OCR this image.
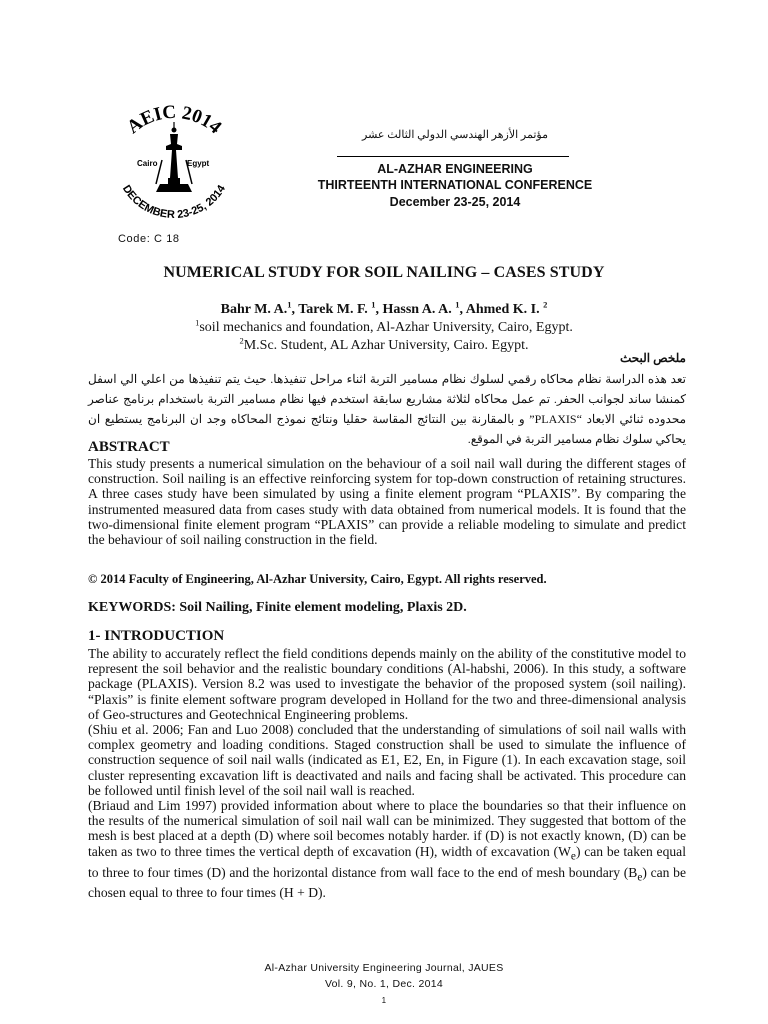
AEIC 2014
DECEMBER 23-25, 2014
Cairo	Egypt
مؤتمر الأزهر الهندسي الدولي الثالث عشر
AL-AZHAR ENGINEERING
THIRTEENTH INTERNATIONAL CONFERENCE
December 23-25, 2014
Code: C 18
NUMERICAL STUDY FOR SOIL NAILING – CASES STUDY
Bahr M. A.$^1$, Tarek M. F. $^1$, Hassn A. A. $^1$, Ahmed K. I. $^2$
$^1$soil mechanics and foundation, Al-Azhar University, Cairo, Egypt.
$^2$M.Sc. Student, AL Azhar University, Cairo. Egypt.
ملخص البحث
تعد هذه الدراسة نظام محاكاه رقمي لسلوك نظام مسامير التربة اثناء مراحل تنفيذها. حيث يتم تنفيذها من اعلي الي اسفل كمنشا ساند لجوانب الحفر. تم عمل محاكاه لثلاثة مشاريع سابقة استخدم فيها نظام مسامير التربة باستخدام برنامج عناصر محدوده ثنائي الابعاد “PLAXIS” و بالمقارنة بين النتائج المقاسة حقليا ونتائج نموذج المحاكاه وجد ان البرنامج يستطيع ان يحاكي سلوك نظام مسامير التربة في الموقع.
ABSTRACT
This study presents a numerical simulation on the behaviour of a soil nail wall during the different stages of construction. Soil nailing is an effective reinforcing system for top-down construction of retaining structures. A three cases study have been simulated by using a finite element program “PLAXIS”. By comparing the instrumented measured data from cases study with data obtained from numerical models. It is found that the two-dimensional finite element program “PLAXIS” can provide a reliable modeling to simulate and predict the behaviour of soil nailing construction in the field.
© 2014 Faculty of Engineering, Al-Azhar University, Cairo, Egypt. All rights reserved.
KEYWORDS: Soil Nailing, Finite element modeling, Plaxis 2D.
1- INTRODUCTION

The ability to accurately reflect the field conditions depends mainly on the ability of the constitutive model to represent the soil behavior and the realistic boundary conditions (Al-habshi, 2006). In this study, a software package (PLAXIS). Version 8.2 was used to investigate the behavior of the proposed system (soil nailing). “Plaxis” is finite element software program developed in Holland for the two and three-dimensional analysis of Geo-structures and Geotechnical Engineering problems.

(Shiu et al. 2006; Fan and Luo 2008) concluded that the understanding of simulations of soil nail walls with complex geometry and loading conditions. Staged construction shall be used to simulate the influence of construction sequence of soil nail walls (indicated as E1, E2, En, in Figure (1). In each excavation stage, soil cluster representing excavation lift is deactivated and nails and facing shall be activated. This procedure can be followed until finish level of the soil nail wall is reached.

(Briaud and Lim 1997) provided information about where to place the boundaries so that their influence on the results of the numerical simulation of soil nail wall can be minimized. They suggested that bottom of the mesh is best placed at a depth (D) where soil becomes notably harder. if (D) is not exactly known, (D) can be taken as two to three times the vertical depth of excavation (H), width of excavation $(W_e)$ can be taken equal to three to four times (D) and the horizontal distance from wall face to the end of mesh boundary $(B_e)$ can be chosen equal to three to four times (H + D).

Al-Azhar University Engineering Journal, JAUES
Vol. 9, No. 1, Dec. 2014
1
